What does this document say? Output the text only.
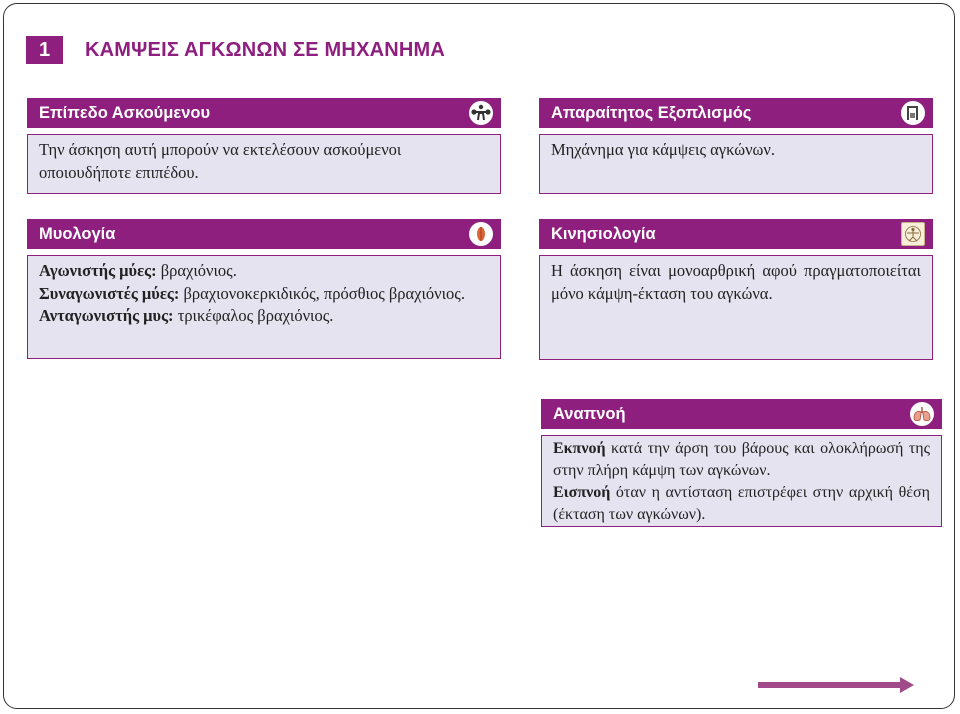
1	ΚΑΜΨΕΙΣ ΑΓΚΩΝΩΝ ΣΕ ΜΗΧΑΝΗΜΑ
Επίπεδο Ασκούμενου
Την άσκηση αυτή μπορούν να εκτελέσουν ασκούμενοι οποιουδήποτε επιπέδου.
Απαραίτητος Εξοπλισμός
Μηχάνημα για κάμψεις αγκώνων.
Μυολογία
Αγωνιστής μύες: βραχιόνιος.
Συναγωνιστές μύες: βραχιονοκερκιδικός, πρόσθιος βραχιόνιος.
Ανταγωνιστής μυς: τρικέφαλος βραχιόνιος.
Κινησιολογία
Η άσκηση είναι μονοαρθρική αφού πραγματοποιείται μόνο κάμψη-έκταση του αγκώνα.
Αναπνοή
Εκπνοή κατά την άρση του βάρους και ολοκλήρωσή της στην πλήρη κάμψη των αγκώνων.
Εισπνοή όταν η αντίσταση επιστρέφει στην αρχική θέση (έκταση των αγκώνων).
